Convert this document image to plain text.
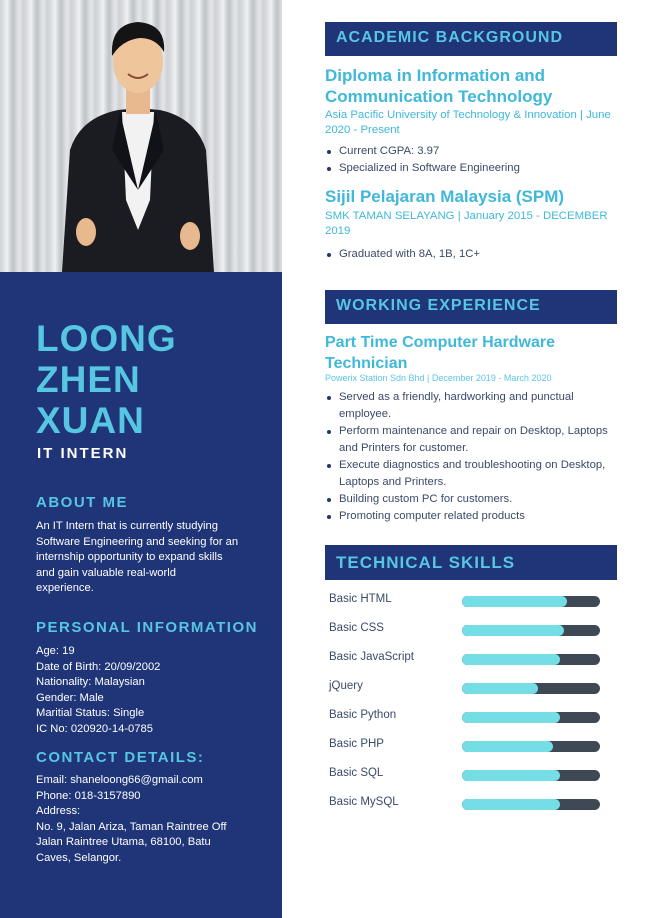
LOONG
ZHEN
XUAN
IT INTERN
ABOUT ME
An IT Intern that is currently studying
Software Engineering and seeking for an
internship opportunity to expand skills
and gain valuable real-world
experience.
PERSONAL INFORMATION
Age: 19
Date of Birth: 20/09/2002
Nationality: Malaysian
Gender: Male
Maritial Status: Single
IC No: 020920-14-0785
CONTACT DETAILS:
Email: shaneloong66@gmail.com
Phone: 018-3157890
Address:
No. 9, Jalan Ariza, Taman Raintree Off
Jalan Raintree Utama, 68100, Batu
Caves, Selangor.
ACADEMIC BACKGROUND
Diploma in Information and Communication Technology
Asia Pacific University of Technology & Innovation | June 2020 - Present
Current CGPA: 3.97
Specialized in Software Engineering
Sijil Pelajaran Malaysia (SPM)
SMK TAMAN SELAYANG | January 2015 - DECEMBER 2019
Graduated with 8A, 1B, 1C+
WORKING EXPERIENCE
Part Time Computer Hardware Technician
Powerix Station Sdn Bhd | December 2019 - March 2020
Served as a friendly, hardworking and punctual employee.
Perform maintenance and repair on Desktop, Laptops and Printers for customer.
Execute diagnostics and troubleshooting on Desktop, Laptops and Printers.
Building custom PC for customers.
Promoting computer related products
TECHNICAL SKILLS
Basic HTML
Basic CSS
Basic JavaScript
jQuery
Basic Python
Basic PHP
Basic SQL
Basic MySQL
